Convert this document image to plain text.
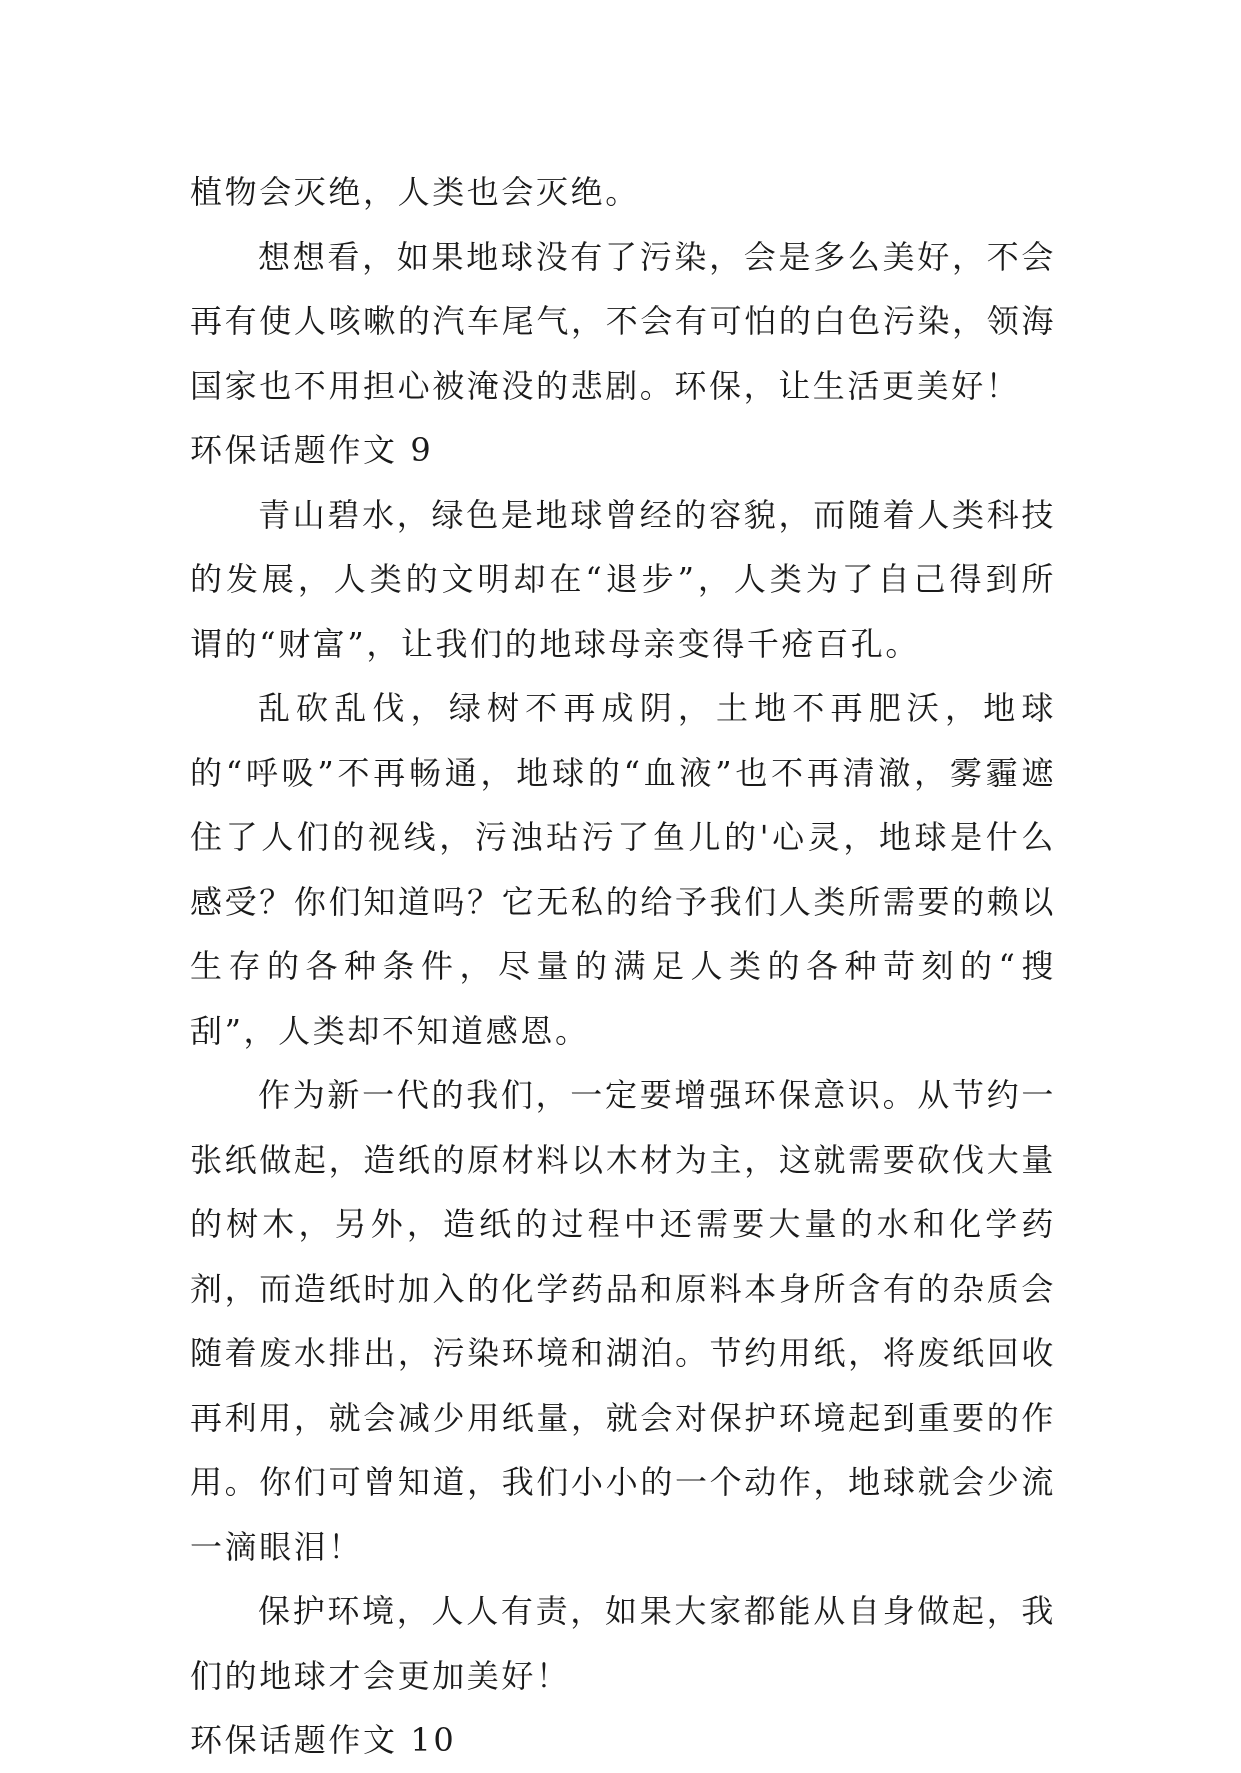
植物会灭绝，人类也会灭绝。

想想看，如果地球没有了污染，会是多么美好，不会再有使人咳嗽的汽车尾气，不会有可怕的白色污染，领海国家也不用担心被淹没的悲剧。环保，让生活更美好！

环保话题作文 9

青山碧水，绿色是地球曾经的容貌，而随着人类科技的发展，人类的文明却在“退步”，人类为了自己得到所谓的“财富”，让我们的地球母亲变得千疮百孔。

乱砍乱伐，绿树不再成阴，土地不再肥沃，地球的“呼吸”不再畅通，地球的“血液”也不再清澈，雾霾遮住了人们的视线，污浊玷污了鱼儿的'心灵，地球是什么感受？你们知道吗？它无私的给予我们人类所需要的赖以生存的各种条件，尽量的满足人类的各种苛刻的“搜刮”，人类却不知道感恩。

作为新一代的我们，一定要增强环保意识。从节约一张纸做起，造纸的原材料以木材为主，这就需要砍伐大量的树木，另外，造纸的过程中还需要大量的水和化学药剂，而造纸时加入的化学药品和原料本身所含有的杂质会随着废水排出，污染环境和湖泊。节约用纸，将废纸回收再利用，就会减少用纸量，就会对保护环境起到重要的作用。你们可曾知道，我们小小的一个动作，地球就会少流一滴眼泪！

保护环境，人人有责，如果大家都能从自身做起，我们的地球才会更加美好！

环保话题作文 10
